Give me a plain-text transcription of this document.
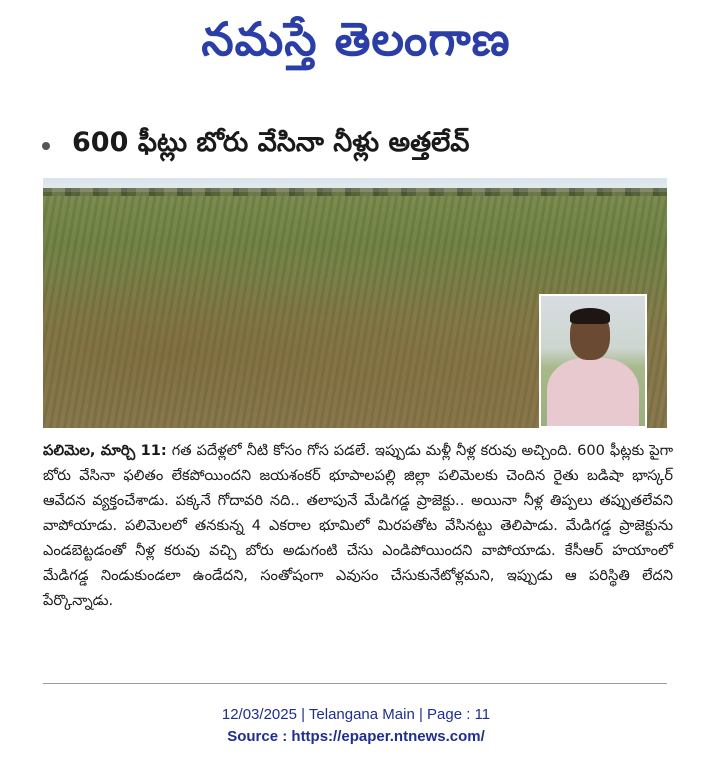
నమస్తే తెలంగాణ
600 ఫీట్లు బోరు వేసినా నీళ్లు అత్తలేవ్
పలిమెల, మార్చి 11: గత పదేళ్లలో నీటి కోసం గోస పడలే. ఇప్పుడు మళ్లీ నీళ్ల కరువు అచ్చింది. 600 ఫీట్లకు పైగా బోరు వేసినా ఫలితం లేకపోయిందని జయశంకర్ భూపాలపల్లి జిల్లా పలిమెలకు చెందిన రైతు బడిషా భాస్కర్ ఆవేదన వ్యక్తంచేశాడు. పక్కనే గోదావరి నది.. తలాపునే మేడిగడ్డ ప్రాజెక్టు.. అయినా నీళ్ల తిప్పలు తప్పుతలేవని వాపోయాడు. పలిమెలలో తనకున్న 4 ఎకరాల భూమిలో మిరపతోట వేసినట్టు తెలిపాడు. మేడిగడ్డ ప్రాజెక్టును ఎండబెట్టడంతో నీళ్ల కరువు వచ్చి బోరు అడుగంటి చేసు ఎండిపోయిందని వాపోయాడు. కేసీఆర్ హయాంలో మేడిగడ్డ నిండుకుండలా ఉండేదని, సంతోషంగా ఎవుసం చేసుకునేటోళ్లమని, ఇప్పుడు ఆ పరిస్థితి లేదని పేర్కొన్నాడు.
12/03/2025 | Telangana Main | Page : 11
Source : https://epaper.ntnews.com/
